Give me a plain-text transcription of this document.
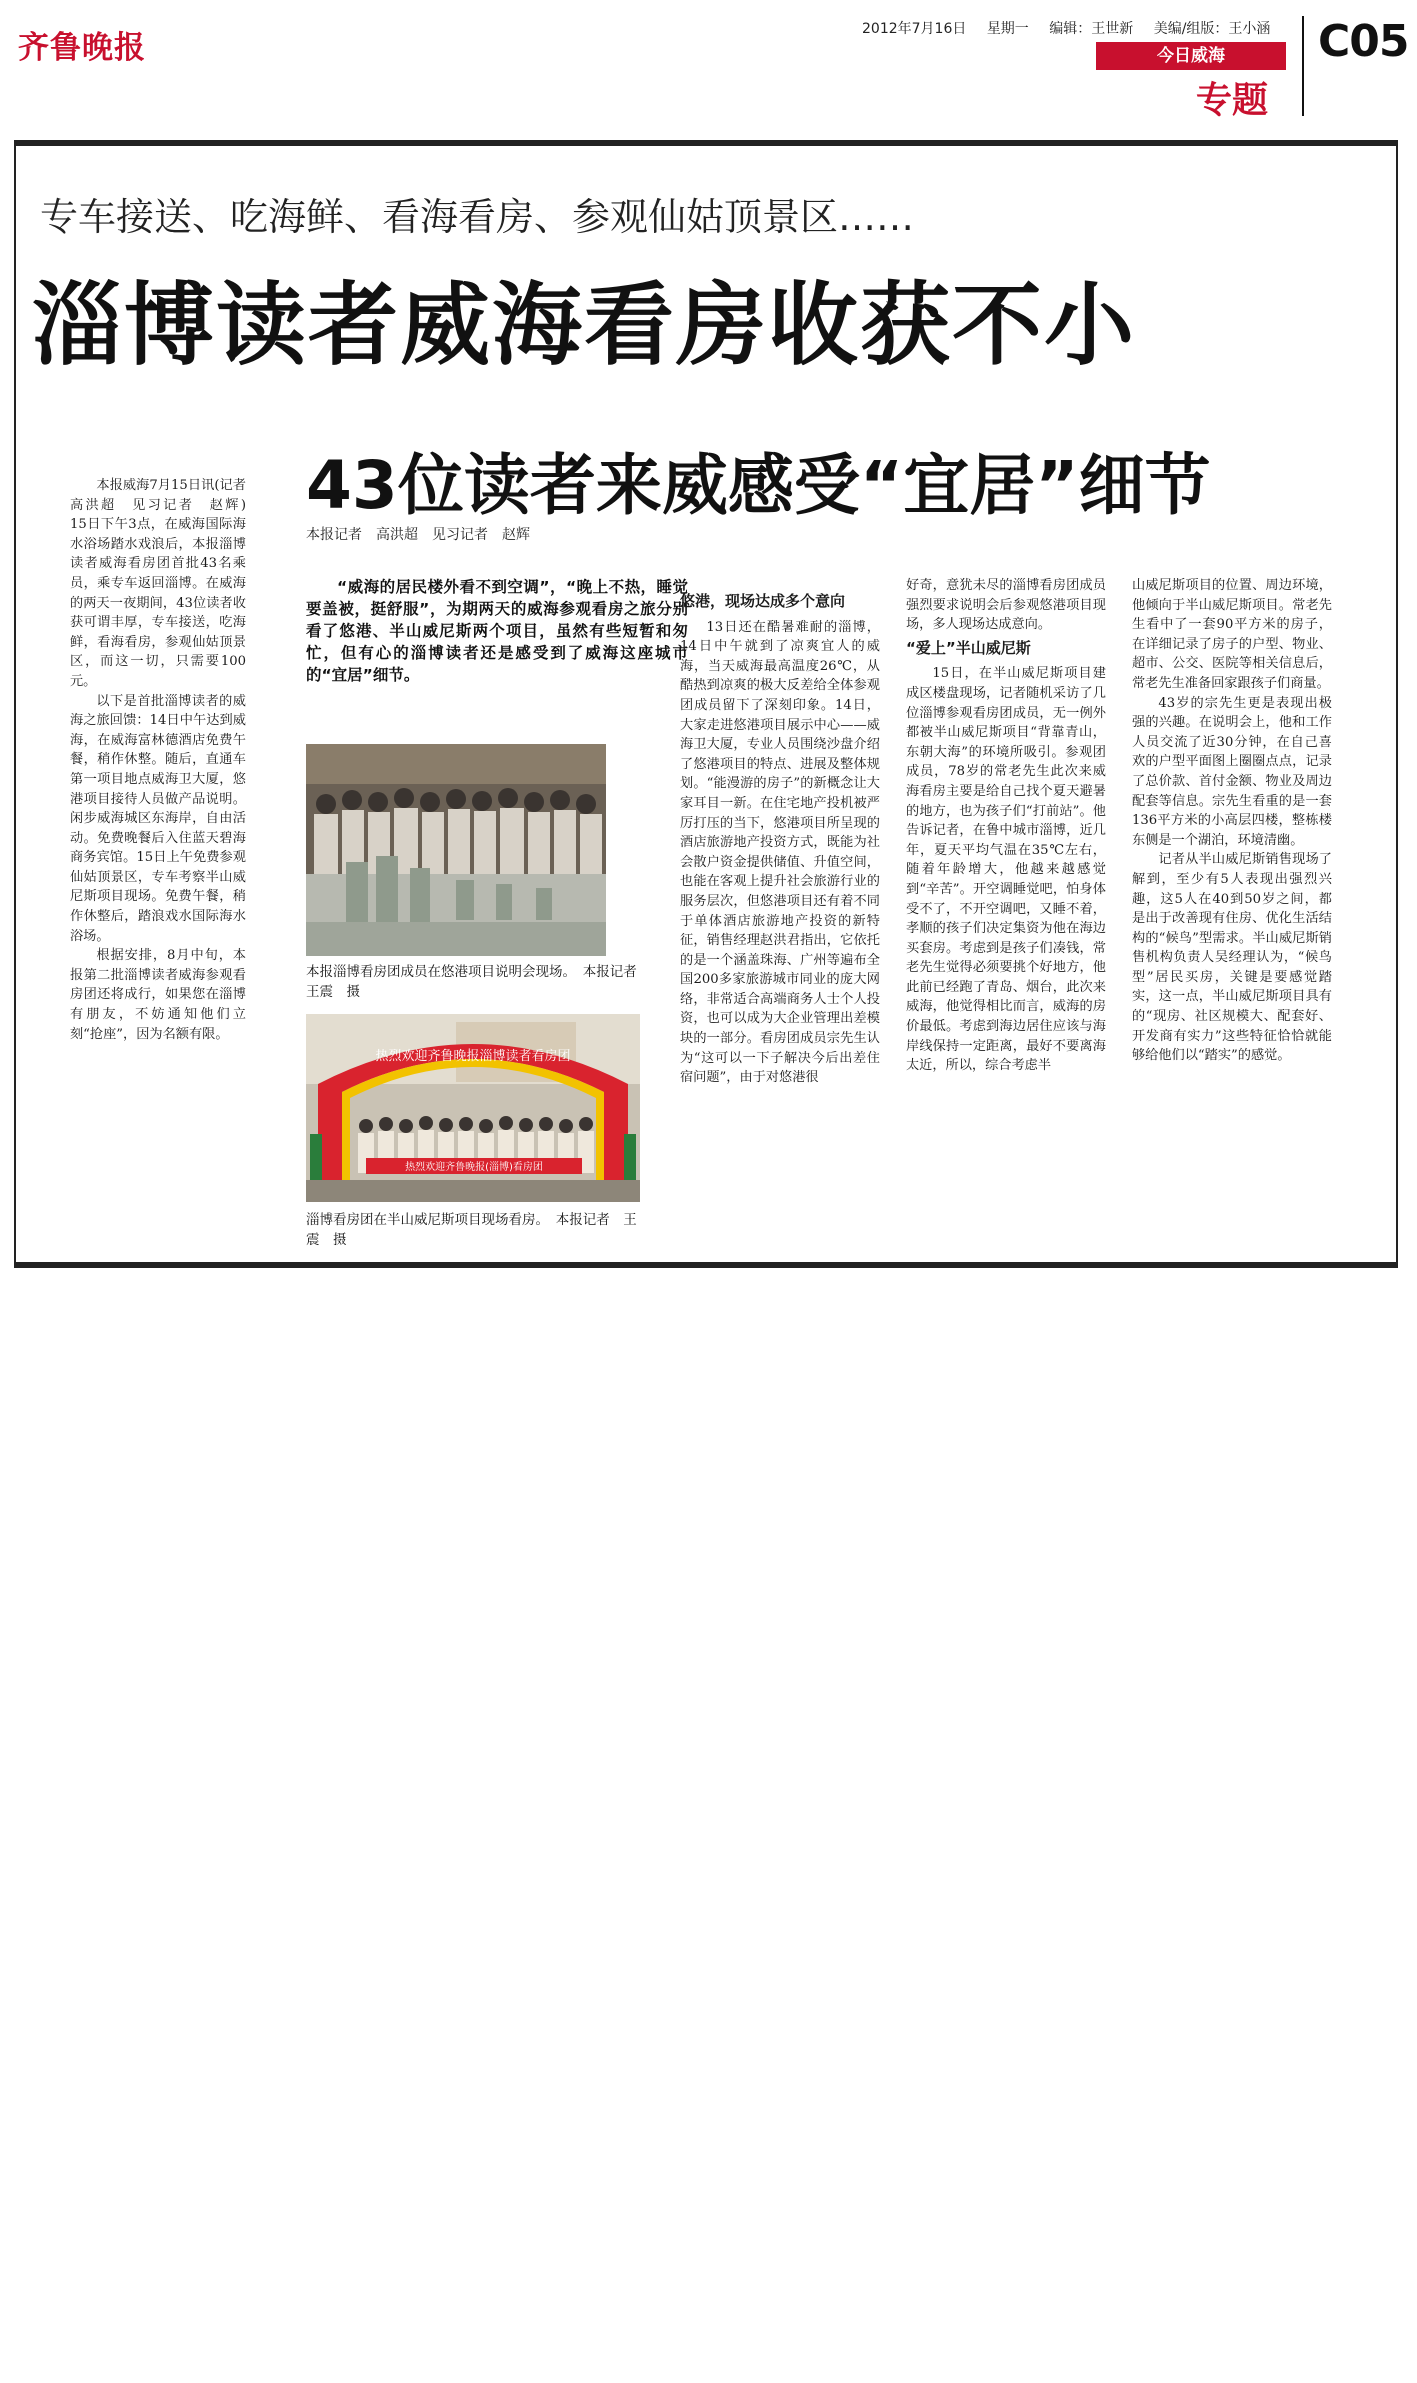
齐鲁晚报
2012年7月16日 星期一 编辑：王世新 美编/组版：王小涵
今日威海
专题
C05
专车接送、吃海鲜、看海看房、参观仙姑顶景区……
淄博读者威海看房收获不小
43位读者来威感受“宜居”细节
本报记者　高洪超　见习记者　赵辉

本报威海7月15日讯(记者　高洪超　见习记者　赵辉)　15日下午3点，在威海国际海水浴场踏水戏浪后，本报淄博读者威海看房团首批43名乘员，乘专车返回淄博。在威海的两天一夜期间，43位读者收获可谓丰厚，专车接送，吃海鲜，看海看房，参观仙姑顶景区，而这一切，只需要100元。

以下是首批淄博读者的威海之旅回馈：14日中午达到威海，在威海富林德酒店免费午餐，稍作休整。随后，直通车第一项目地点威海卫大厦，悠港项目接待人员做产品说明。闲步威海城区东海岸，自由活动。免费晚餐后入住蓝天碧海商务宾馆。15日上午免费参观仙姑顶景区，专车考察半山威尼斯项目现场。免费午餐，稍作休整后，踏浪戏水国际海水浴场。

根据安排，8月中旬，本报第二批淄博读者威海参观看房团还将成行，如果您在淄博有朋友，不妨通知他们立刻“抢座”，因为名额有限。

“威海的居民楼外看不到空调”，“晚上不热，睡觉要盖被，挺舒服”，为期两天的威海参观看房之旅分别看了悠港、半山威尼斯两个项目，虽然有些短暂和匆忙，但有心的淄博读者还是感受到了威海这座城市的“宜居”细节。
本报淄博看房团成员在悠港项目说明会现场。　本报记者　王震　摄
热烈欢迎齐鲁晚报淄博读者看房团
热烈欢迎齐鲁晚报(淄博)看房团
淄博看房团在半山威尼斯项目现场看房。　本报记者　王震　摄
悠港，现场达成多个意向

13日还在酷暑难耐的淄博，14日中午就到了凉爽宜人的威海，当天威海最高温度26℃，从酷热到凉爽的极大反差给全体参观团成员留下了深刻印象。14日，大家走进悠港项目展示中心——威海卫大厦，专业人员围绕沙盘介绍了悠港项目的特点、进展及整体规划。“能漫游的房子”的新概念让大家耳目一新。在住宅地产投机被严厉打压的当下，悠港项目所呈现的酒店旅游地产投资方式，既能为社会散户资金提供储值、升值空间，也能在客观上提升社会旅游行业的服务层次，但悠港项目还有着不同于单体酒店旅游地产投资的新特征，销售经理赵洪君指出，它依托的是一个涵盖珠海、广州等遍布全国200多家旅游城市同业的庞大网络，非常适合高端商务人士个人投资，也可以成为大企业管理出差模块的一部分。看房团成员宗先生认为“这可以一下子解决今后出差住宿问题”，由于对悠港很

好奇，意犹未尽的淄博看房团成员强烈要求说明会后参观悠港项目现场，多人现场达成意向。

“爱上”半山威尼斯

15日，在半山威尼斯项目建成区楼盘现场，记者随机采访了几位淄博参观看房团成员，无一例外都被半山威尼斯项目“背靠青山，东朝大海”的环境所吸引。参观团成员，78岁的常老先生此次来威海看房主要是给自己找个夏天避暑的地方，也为孩子们“打前站”。他告诉记者，在鲁中城市淄博，近几年，夏天平均气温在35℃左右，随着年龄增大，他越来越感觉到“辛苦”。开空调睡觉吧，怕身体受不了，不开空调吧，又睡不着，孝顺的孩子们决定集资为他在海边买套房。考虑到是孩子们凑钱，常老先生觉得必须要挑个好地方，他此前已经跑了青岛、烟台，此次来威海，他觉得相比而言，威海的房价最低。考虑到海边居住应该与海岸线保持一定距离，最好不要离海太近，所以，综合考虑半

山威尼斯项目的位置、周边环境，他倾向于半山威尼斯项目。常老先生看中了一套90平方米的房子，在详细记录了房子的户型、物业、超市、公交、医院等相关信息后，常老先生准备回家跟孩子们商量。

43岁的宗先生更是表现出极强的兴趣。在说明会上，他和工作人员交流了近30分钟，在自己喜欢的户型平面图上圈圈点点，记录了总价款、首付金额、物业及周边配套等信息。宗先生看重的是一套136平方米的小高层四楼，整栋楼东侧是一个湖泊，环境清幽。

记者从半山威尼斯销售现场了解到，至少有5人表现出强烈兴趣，这5人在40到50岁之间，都是出于改善现有住房、优化生活结构的“候鸟”型需求。半山威尼斯销售机构负责人吴经理认为，“候鸟型”居民买房，关键是要感觉踏实，这一点，半山威尼斯项目具有的“现房、社区规模大、配套好、开发商有实力”这些特征恰恰就能够给他们以“踏实”的感觉。
